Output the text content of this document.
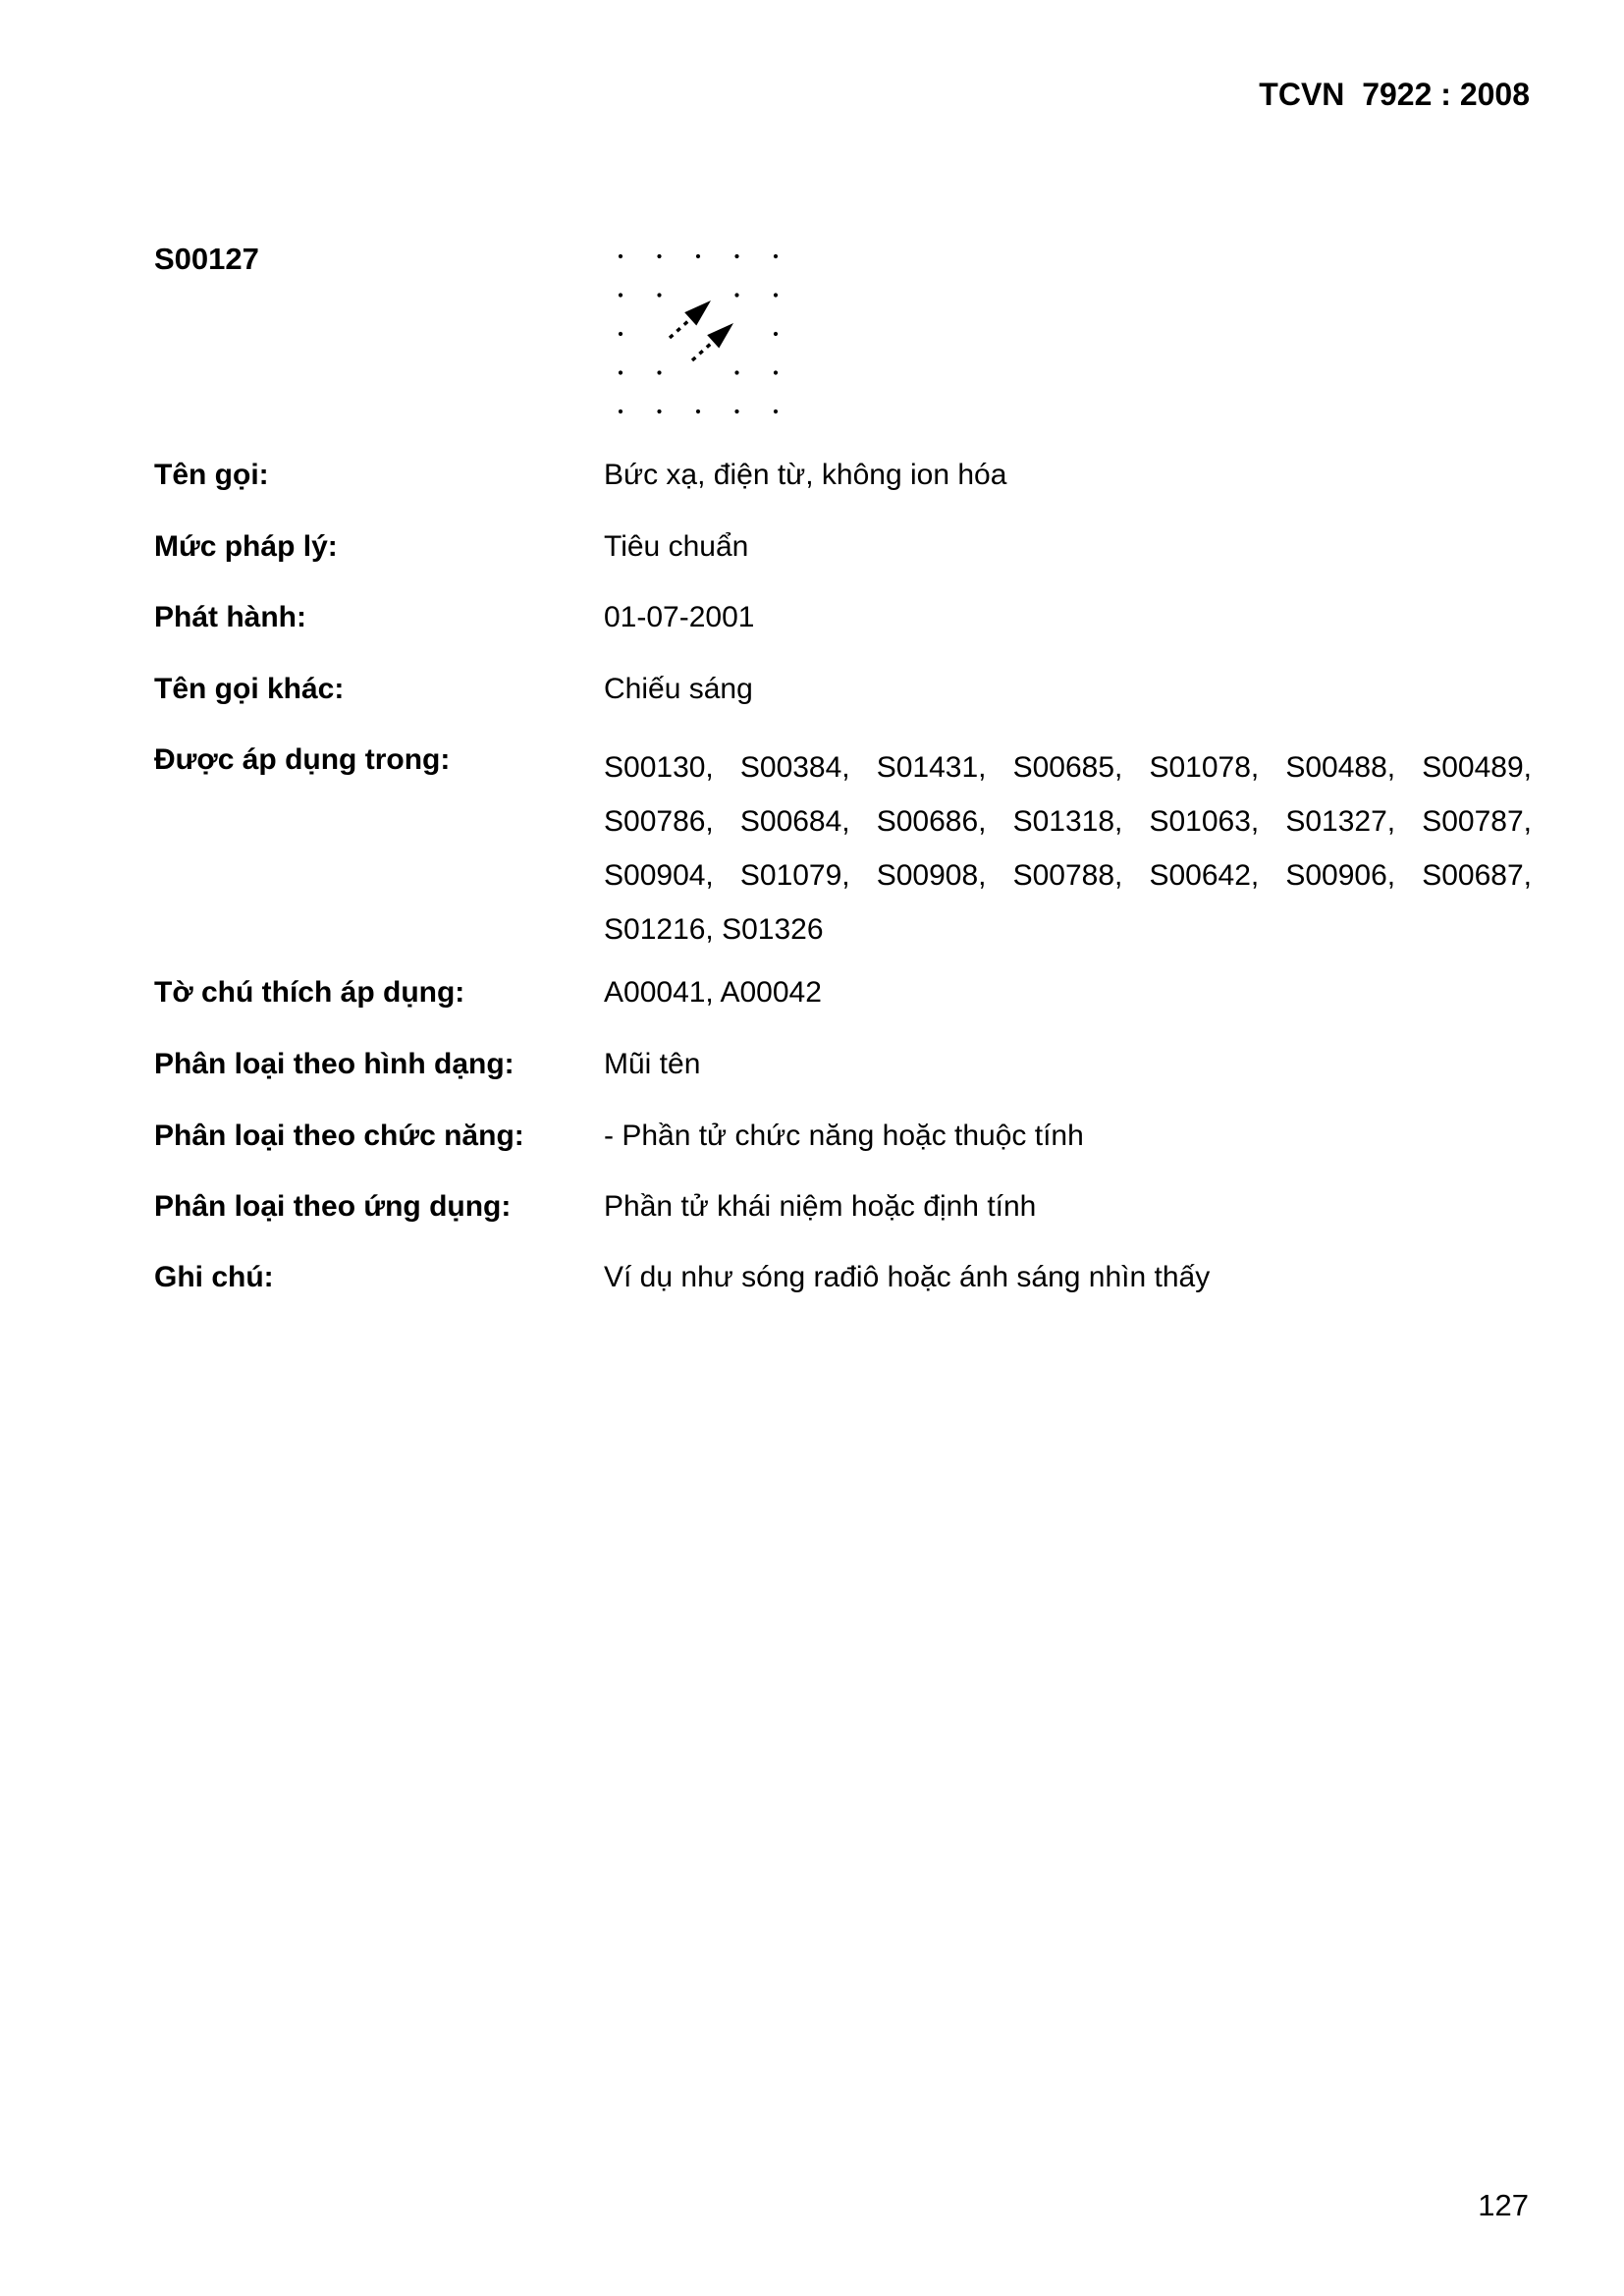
TCVN  7922 : 2008
S00127
Tên gọi:	Bức xạ, điện từ, không ion hóa
Mức pháp lý:	Tiêu chuẩn
Phát hành:	01-07-2001
Tên gọi khác:	Chiếu sáng
Được áp dụng trong:	S00130, S00384, S01431, S00685, S01078, S00488, S00489,
S00786, S00684, S00686, S01318, S01063, S01327, S00787,
S00904, S01079, S00908, S00788, S00642, S00906, S00687,
S01216, S01326
Tờ chú thích áp dụng:	A00041, A00042
Phân loại theo hình dạng:	Mũi tên
Phân loại theo chức năng:	- Phần tử chức năng hoặc thuộc tính
Phân loại theo ứng dụng:	Phần tử khái niệm hoặc định tính
Ghi chú:	Ví dụ như sóng rađiô hoặc ánh sáng nhìn thấy
127
